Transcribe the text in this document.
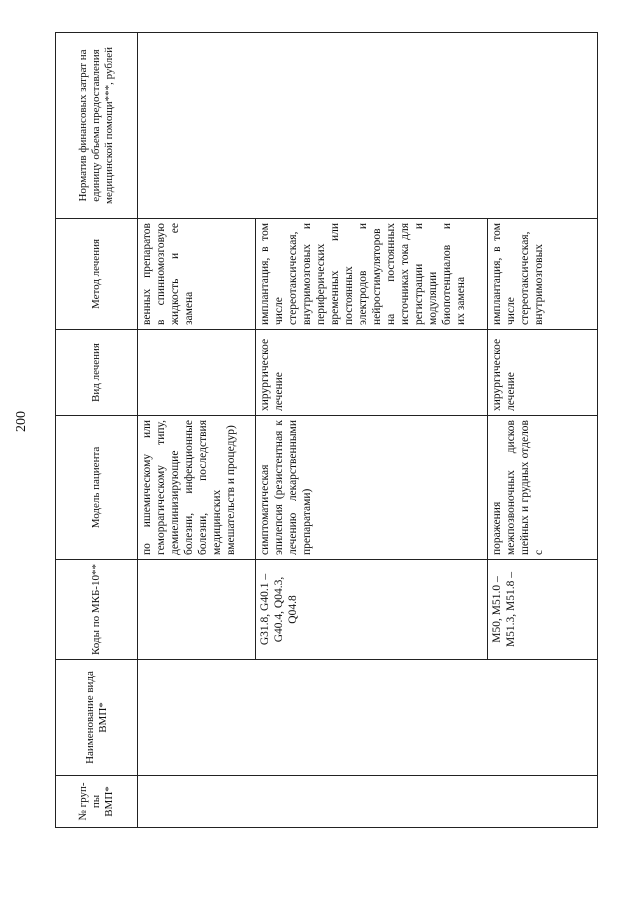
200
№ груп-пы ВМП*	Наименование вида ВМП*	Коды по МКБ-10**	Модель пациента	Вид лечения	Метод лечения	Норматив финансовых затрат на единицу объема предоставления медицинской помощи***, рублей
			по ишемическому или геморрагическому типу, демиелинизирующие болезни, инфекционные болезни, последствия медицинских вмешательств и процедур)		венных препаратов в спинномозговую жидкость и ее замена	
		G31.8, G40.1 – G40.4, Q04.3, Q04.8	симптоматическая эпилепсия (резистентная к лечению лекарственными препаратами)	хирургическое лечение	имплантация, в том числе стереотаксическая, внутримозговых и периферических временных или постоянных электродов и нейростимуляторов на постоянных источниках тока для регистрации и модуляции биопотенциалов и их замена	
		M50, M51.0 – M51.3, M51.8 –	поражения межпозвоночных дисков шейных и грудных отделов с	хирургическое лечение	имплантация, в том числе стереотаксическая, внутримозговых	
